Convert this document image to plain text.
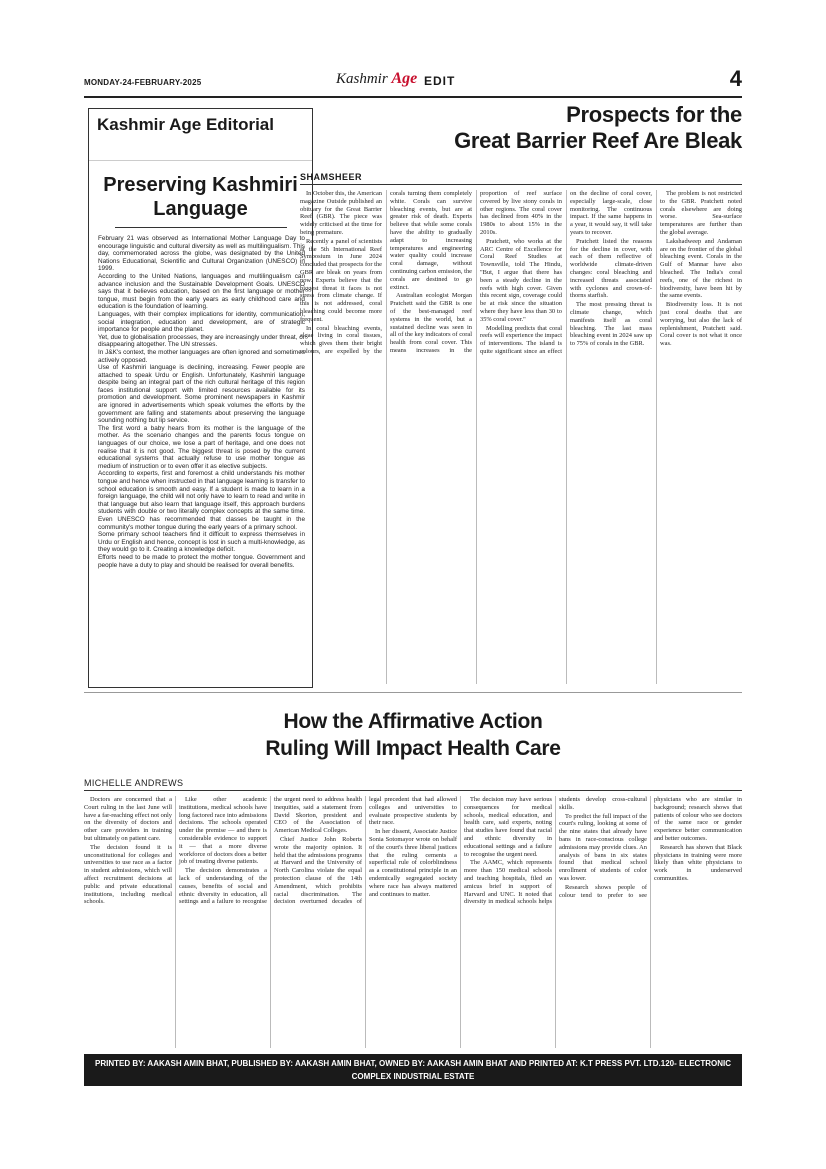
MONDAY-24-FEBRUARY-2025	Kashmir Age EDIT	4
Kashmir Age Editorial
Preserving Kashmiri Language

February 21 was observed as International Mother Language Day to encourage linguistic and cultural diversity as well as multilingualism. This day, commemorated across the globe, was designated by the United Nations Educational, Scientific and Cultural Organization (UNESCO) in 1999.

According to the United Nations, languages and multilingualism can advance inclusion and the Sustainable Development Goals. UNESCO says that it believes education, based on the first language or mother tongue, must begin from the early years as early childhood care and education is the foundation of learning.

Languages, with their complex implications for identity, communication, social integration, education and development, are of strategic importance for people and the planet.

Yet, due to globalisation processes, they are increasingly under threat, or disappearing altogether. The UN stresses.

In J&K's context, the mother languages are often ignored and sometimes actively opposed.

Use of Kashmiri language is declining, increasing. Fewer people are attached to speak Urdu or English. Unfortunately, Kashmiri language despite being an integral part of the rich cultural heritage of this region faces institutional support with limited resources available for its promotion and development. Some prominent newspapers in Kashmir are ignored in advertisements which speak volumes the efforts by the government are falling and statements about preserving the language sounding nothing but lip service.

The first word a baby hears from its mother is the language of the mother. As the scenario changes and the parents focus tongue on languages of our choice, we lose a part of heritage, and one does not realise that it is not good. The biggest threat is posed by the current educational systems that actually refuse to use mother tongue as medium of instruction or to even offer it as elective subjects.

According to experts, first and foremost a child understands his mother tongue and hence when instructed in that language learning is transfer to school education is smooth and easy. If a student is made to learn in a foreign language, the child will not only have to learn to read and write in that language but also learn that language itself, this approach burdens students with double or two literally complex concepts at the same time. Even UNESCO has recommended that classes be taught in the community's mother tongue during the early years of a primary school.

Some primary school teachers find it difficult to express themselves in Urdu or English and hence, concept is lost in such a multi-knowledge, as they would go to it. Creating a knowledge deficit.

Efforts need to be made to protect the mother tongue. Government and people have a duty to play and should be realised for overall benefits.

Prospects for the
Great Barrier Reef Are Bleak
SHAMSHEER

In October this, the American magazine Outside published an obituary for the Great Barrier Reef (GBR). The piece was widely criticised at the time for being premature.

Recently a panel of scientists at the 5th International Reef Symposium in June 2024 concluded that prospects for the GBR are bleak on years from now. Experts believe that the biggest threat it faces is not stress from climate change. If this is not addressed, coral bleaching could become more frequent.

In coral bleaching events, algae living in coral tissues, which gives them their bright colours, are expelled by the corals turning them completely white. Corals can survive bleaching events, but are at greater risk of death. Experts believe that while some corals have the ability to gradually adapt to increasing temperatures and engineering water quality could increase coral damage, without continuing carbon emission, the corals are destined to go extinct.

Australian ecologist Morgan Pratchett said the GBR is one of the best-managed reef systems in the world, but a sustained decline was seen in all of the key indicators of coral health from coral cover. This means increases in the proportion of reef surface covered by live stony corals in other regions. The coral cover has declined from 40% in the 1980s to about 15% in the 2010s.

Pratchett, who works at the ARC Centre of Excellence for Coral Reef Studies at Townsville, told The Hindu, "But, I argue that there has been a steady decline in the reefs with high cover. Given this recent sign, coverage could be at risk since the situation where they have less than 30 to 35% coral cover."

Modelling predicts that coral reefs will experience the impact of interventions. The island is quite significant since an effect on the decline of coral cover, especially large-scale, close monitoring. The continuous impact. If the same happens in a year, it would say, it will take years to recover.

Pratchett listed the reasons for the decline in cover, with each of them reflective of worldwide climate-driven changes: coral bleaching and increased threats associated with cyclones and crown-of-thorns starfish.

The most pressing threat is climate change, which manifests itself as coral bleaching. The last mass bleaching event in 2024 saw up to 75% of corals in the GBR.

The problem is not restricted to the GBR. Pratchett noted corals elsewhere are doing worse. Sea-surface temperatures are further than the global average.

Lakshadweep and Andaman are on the frontier of the global bleaching event. Corals in the Gulf of Mannar have also bleached. The India's coral reefs, one of the richest in biodiversity, have been hit by the same events.

Biodiversity loss. It is not just coral deaths that are worrying, but also the lack of replenishment, Pratchett said. Coral cover is not what it once was.

How the Affirmative Action
Ruling Will Impact Health Care
MICHELLE ANDREWS

Doctors are concerned that a Court ruling in the last June will have a far-reaching effect not only on the diversity of doctors and other care providers in training but ultimately on patient care.

The decision found it is unconstitutional for colleges and universities to use race as a factor in student admissions, which will affect recruitment decisions at public and private educational institutions, including medical schools.

Like other academic institutions, medical schools have long factored race into admissions decisions. The schools operated under the premise — and there is considerable evidence to support it — that a more diverse workforce of doctors does a better job of treating diverse patients.

The decision demonstrates a lack of understanding of the causes, benefits of social and ethnic diversity in education, all settings and a failure to recognise the urgent need to address health inequities, said a statement from David Skorton, president and CEO of the Association of American Medical Colleges.

Chief Justice John Roberts wrote the majority opinion. It held that the admissions programs at Harvard and the University of North Carolina violate the equal protection clause of the 14th Amendment, which prohibits racial discrimination. The decision overturned decades of legal precedent that had allowed colleges and universities to evaluate prospective students by their race.

In her dissent, Associate Justice Sonia Sotomayor wrote on behalf of the court's three liberal justices that the ruling cements a superficial rule of colorblindness as a constitutional principle in an endemically segregated society where race has always mattered and continues to matter.

The decision may have serious consequences for medical schools, medical education, and health care, said experts, noting that studies have found that racial and ethnic diversity in educational settings and a failure to recognise the urgent need.

The AAMC, which represents more than 150 medical schools and teaching hospitals, filed an amicus brief in support of Harvard and UNC. It noted that diversity in medical schools helps students develop cross-cultural skills.

To predict the full impact of the court's ruling, looking at some of the nine states that already have bans in race-conscious college admissions may provide clues. An analysis of bans in six states found that medical school enrollment of students of color was lower.

Research shows people of colour tend to prefer to see physicians who are similar in background; research shows that patients of colour who see doctors of the same race or gender experience better communication and better outcomes.

Research has shown that Black physicians in training were more likely than white physicians to work in underserved communities.

PRINTED BY: AAKASH AMIN BHAT, PUBLISHED BY: AAKASH AMIN BHAT, OWNED BY: AAKASH AMIN BHAT AND PRINTED AT: K.T PRESS PVT. LTD.120- ELECTRONIC COMPLEX INDUSTRIAL ESTATE
RANGRETH BUDGAM, J&K. AND PUBLISHED AT: MEDIA ENCLAVE RESIDENCY ROAD SGR. 190001 J&K. EDITOR: AAKASH AMIN BHAT, JKENG/2006/23952
